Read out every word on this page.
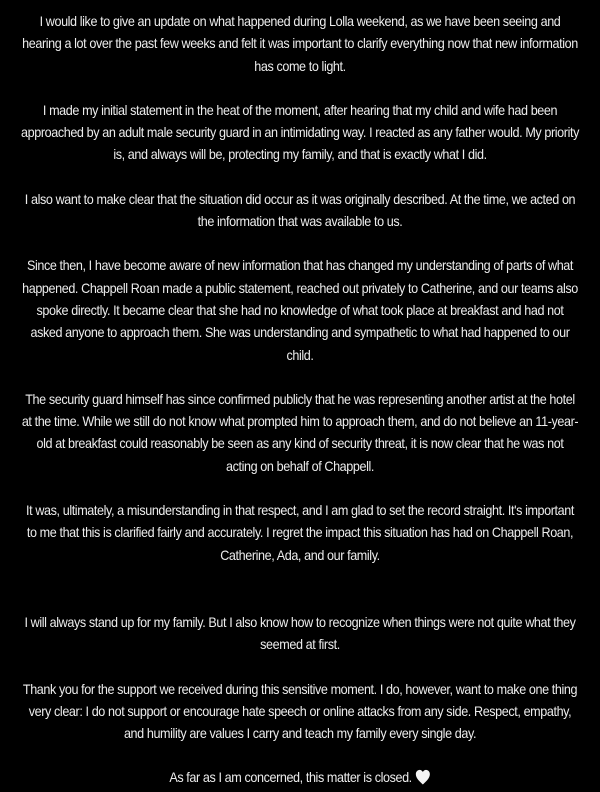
I would like to give an update on what happened during Lolla weekend, as we have been seeing and hearing a lot over the past few weeks and felt it was important to clarify everything now that new information has come to light.

I made my initial statement in the heat of the moment, after hearing that my child and wife had been approached by an adult male security guard in an intimidating way. I reacted as any father would. My priority is, and always will be, protecting my family, and that is exactly what I did.

I also want to make clear that the situation did occur as it was originally described. At the time, we acted on the information that was available to us.

Since then, I have become aware of new information that has changed my understanding of parts of what happened. Chappell Roan made a public statement, reached out privately to Catherine, and our teams also spoke directly. It became clear that she had no knowledge of what took place at breakfast and had not asked anyone to approach them. She was understanding and sympathetic to what had happened to our child.

The security guard himself has since confirmed publicly that he was representing another artist at the hotel at the time. While we still do not know what prompted him to approach them, and do not believe an 11-year-old at breakfast could reasonably be seen as any kind of security threat, it is now clear that he was not acting on behalf of Chappell.

It was, ultimately, a misunderstanding in that respect, and I am glad to set the record straight. It's important to me that this is clarified fairly and accurately. I regret the impact this situation has had on Chappell Roan, Catherine, Ada, and our family.

I will always stand up for my family. But I also know how to recognize when things were not quite what they seemed at first.

Thank you for the support we received during this sensitive moment. I do, however, want to make one thing very clear: I do not support or encourage hate speech or online attacks from any side. Respect, empathy, and humility are values I carry and teach my family every single day.

As far as I am concerned, this matter is closed.
